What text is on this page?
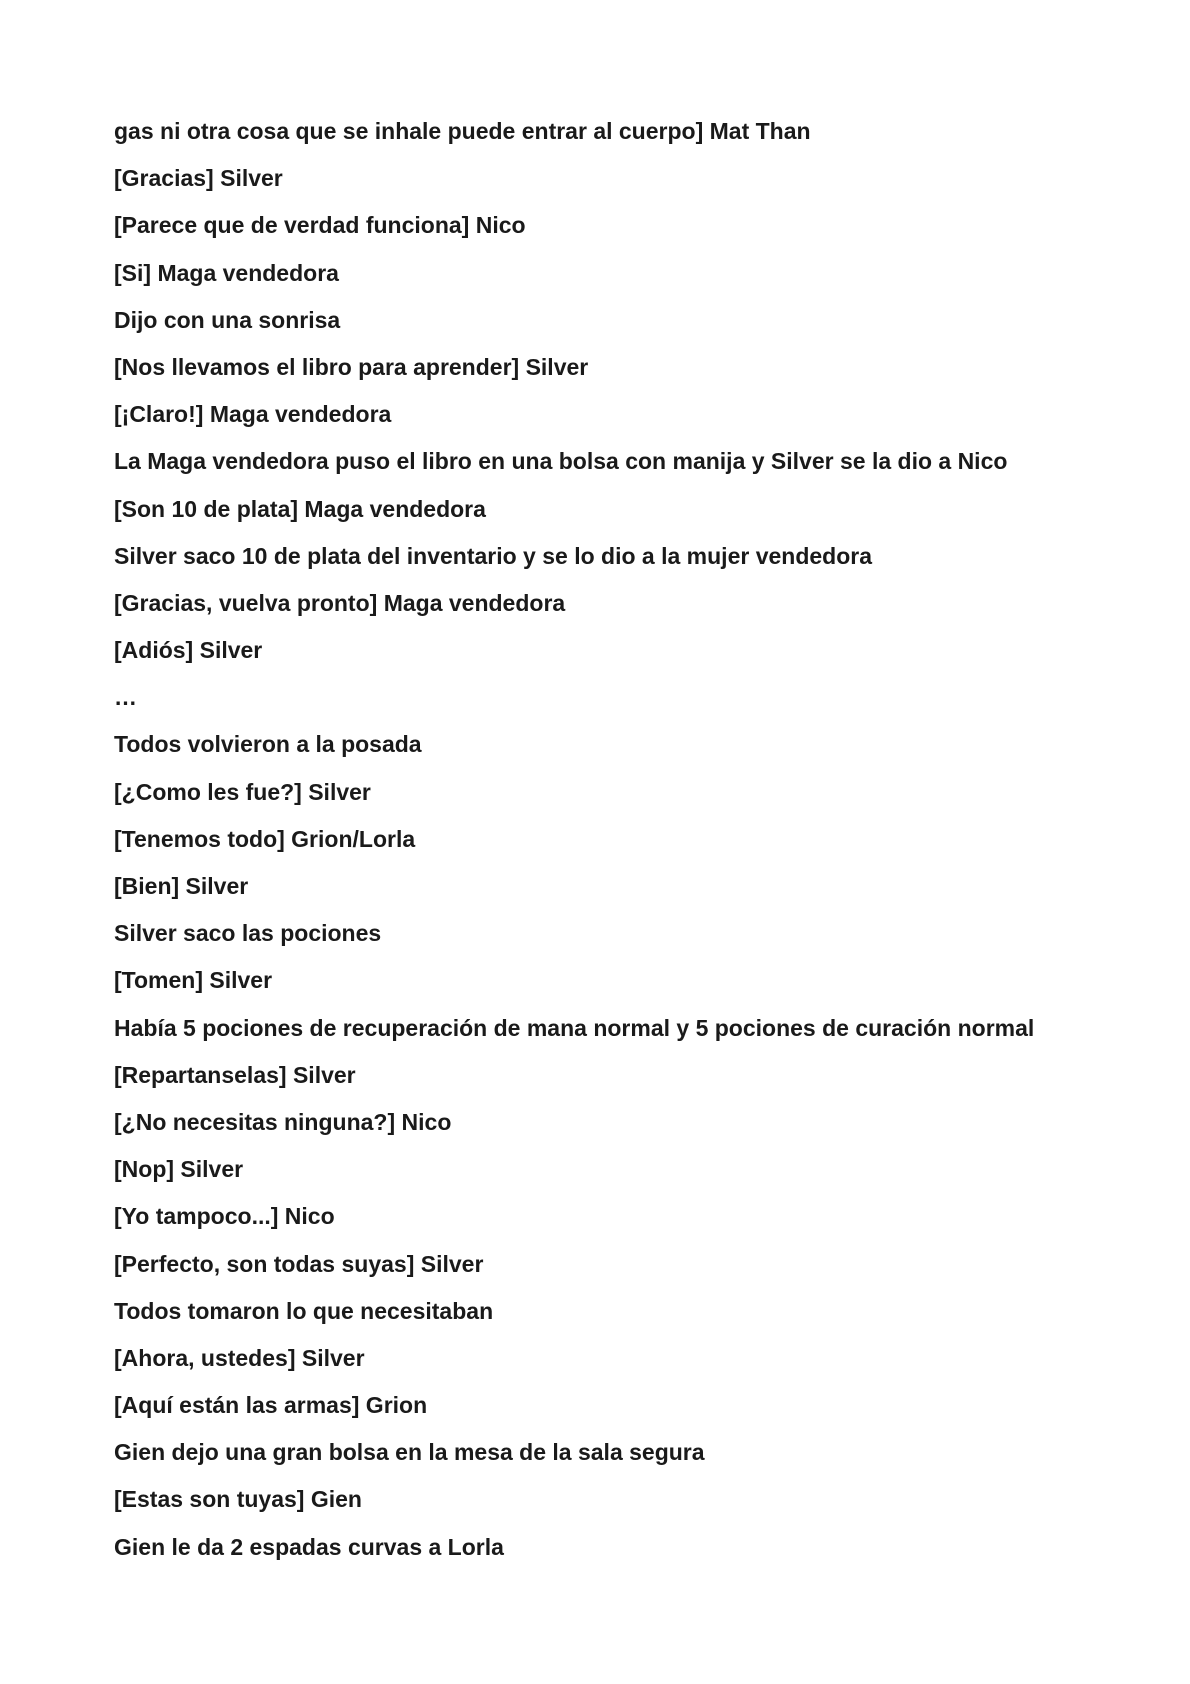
gas ni otra cosa que se inhale puede entrar al cuerpo] Mat Than

[Gracias] Silver

[Parece que de verdad funciona] Nico

[Si] Maga vendedora

Dijo con una sonrisa

[Nos llevamos el libro para aprender] Silver

[¡Claro!] Maga vendedora

La Maga vendedora puso el libro en una bolsa con manija y Silver se la dio a Nico

[Son 10 de plata] Maga vendedora

Silver saco 10 de plata del inventario y se lo dio a la mujer vendedora

[Gracias, vuelva pronto] Maga vendedora

[Adiós] Silver

…

Todos volvieron a la posada

[¿Como les fue?] Silver

[Tenemos todo] Grion/Lorla

[Bien] Silver

Silver saco las pociones

[Tomen] Silver

Había 5 pociones de recuperación de mana normal y 5 pociones de curación normal

[Repartanselas] Silver

[¿No necesitas ninguna?] Nico

[Nop] Silver

[Yo tampoco...] Nico

[Perfecto, son todas suyas] Silver

Todos tomaron lo que necesitaban

[Ahora, ustedes] Silver

[Aquí están las armas] Grion

Gien dejo una gran bolsa en la mesa de la sala segura

[Estas son tuyas] Gien

Gien le da 2 espadas curvas a Lorla
